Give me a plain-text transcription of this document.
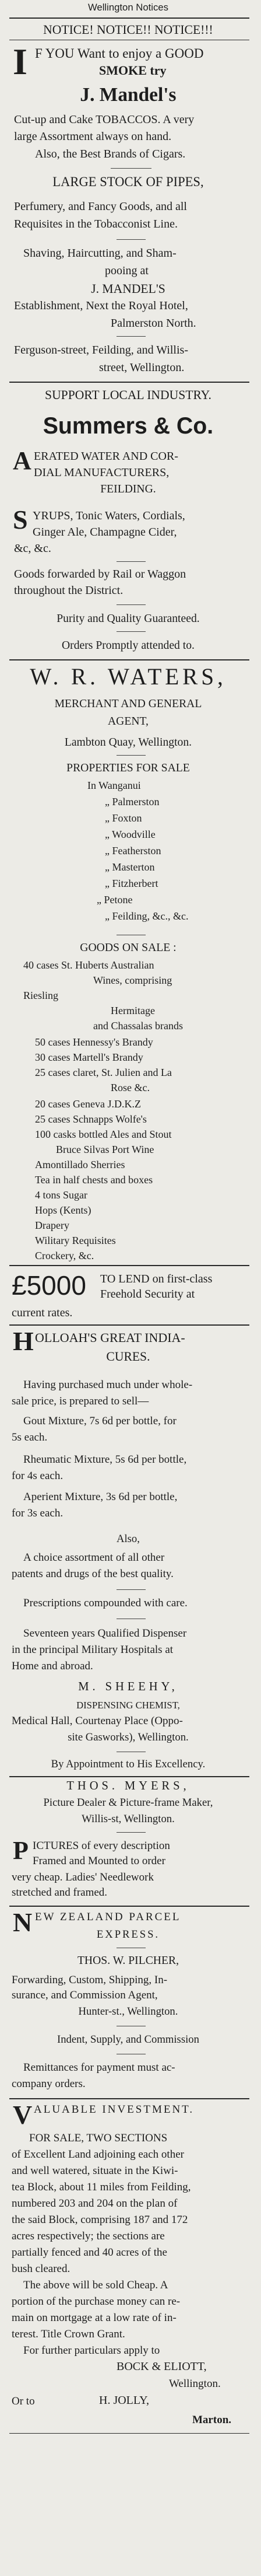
Wellington Notices
NOTICE! NOTICE!! NOTICE!!!
I F YOU Want to enjoy a GOOD
SMOKE try
J. Mandel's
Cut-up and Cake TOBACCOS. A very
large Assortment always on hand.
Also, the Best Brands of Cigars.
LARGE STOCK OF PIPES,
Perfumery, and Fancy Goods, and all
Requisites in the Tobacconist Line.
Shaving, Haircutting, and Sham-
pooing at
J. MANDEL'S
Establishment, Next the Royal Hotel,
Palmerston North.
Ferguson-street, Feilding, and Willis-
street, Wellington.
SUPPORT LOCAL INDUSTRY.
Summers & Co.
A ERATED WATER AND COR-
DIAL MANUFACTURERS,
FEILDING.
S YRUPS, Tonic Waters, Cordials,
Ginger Ale, Champagne Cider,
&c, &c.
Goods forwarded by Rail or Waggon
throughout the District.
Purity and Quality Guaranteed.
Orders Promptly attended to.
W. R. WATERS,
MERCHANT AND GENERAL
AGENT,
Lambton Quay, Wellington.
PROPERTIES FOR SALE
In Wanganui
„ Palmerston
„ Foxton
„ Woodville
„ Featherston
„ Masterton
„ Fitzherbert
„ Petone
„ Feilding, &c., &c.
GOODS ON SALE :
40 cases St. Huberts Australian
Wines, comprising
Riesling
Hermitage
and Chassalas brands
50 cases Hennessy's Brandy
30 cases Martell's Brandy
25 cases claret, St. Julien and La
Rose &c.
20 cases Geneva J.D.K.Z
25 cases Schnapps Wolfe's
100 casks bottled Ales and Stout
Bruce Silvas Port Wine
Amontillado Sherries
Tea in half chests and boxes
4 tons Sugar
Hops (Kents)
Drapery
Wilitary Requisites
Crockery, &c.
£5000 TO LEND on first-class
Freehold Security at
current rates.
H OLLOAH'S GREAT INDIA-
CURES.
Having purchased much under whole-
sale price, is prepared to sell—
Gout Mixture, 7s 6d per bottle, for
5s each.
Rheumatic Mixture, 5s 6d per bottle,
for 4s each.
Aperient Mixture, 3s 6d per bottle,
for 3s each.
Also,
A choice assortment of all other
patents and drugs of the best quality.
Prescriptions compounded with care.
Seventeen years Qualified Dispenser
in the principal Military Hospitals at
Home and abroad.
M. SHEEHY,
DISPENSING CHEMIST,
Medical Hall, Courtenay Place (Oppo-
site Gasworks), Wellington.
By Appointment to His Excellency.
THOS. MYERS,
Picture Dealer & Picture-frame Maker,
Willis-st, Wellington.
P ICTURES of every description
Framed and Mounted to order
very cheap. Ladies' Needlework
stretched and framed.
N EW ZEALAND PARCEL
EXPRESS.
THOS. W. PILCHER,
Forwarding, Custom, Shipping, In-
surance, and Commission Agent,
Hunter-st., Wellington.
Indent, Supply, and Commission
Remittances for payment must ac-
company orders.
V ALUABLE INVESTMENT.
FOR SALE, TWO SECTIONS
of Excellent Land adjoining each other
and well watered, situate in the Kiwi-
tea Block, about 11 miles from Feilding,
numbered 203 and 204 on the plan of
the said Block, comprising 187 and 172
acres respectively; the sections are
partially fenced and 40 acres of the
bush cleared.
The above will be sold Cheap. A
portion of the purchase money can re-
main on mortgage at a low rate of in-
terest. Title Crown Grant.
For further particulars apply to
BOCK & ELIOTT,
Wellington.
Or to	H. JOLLY,
Marton.
